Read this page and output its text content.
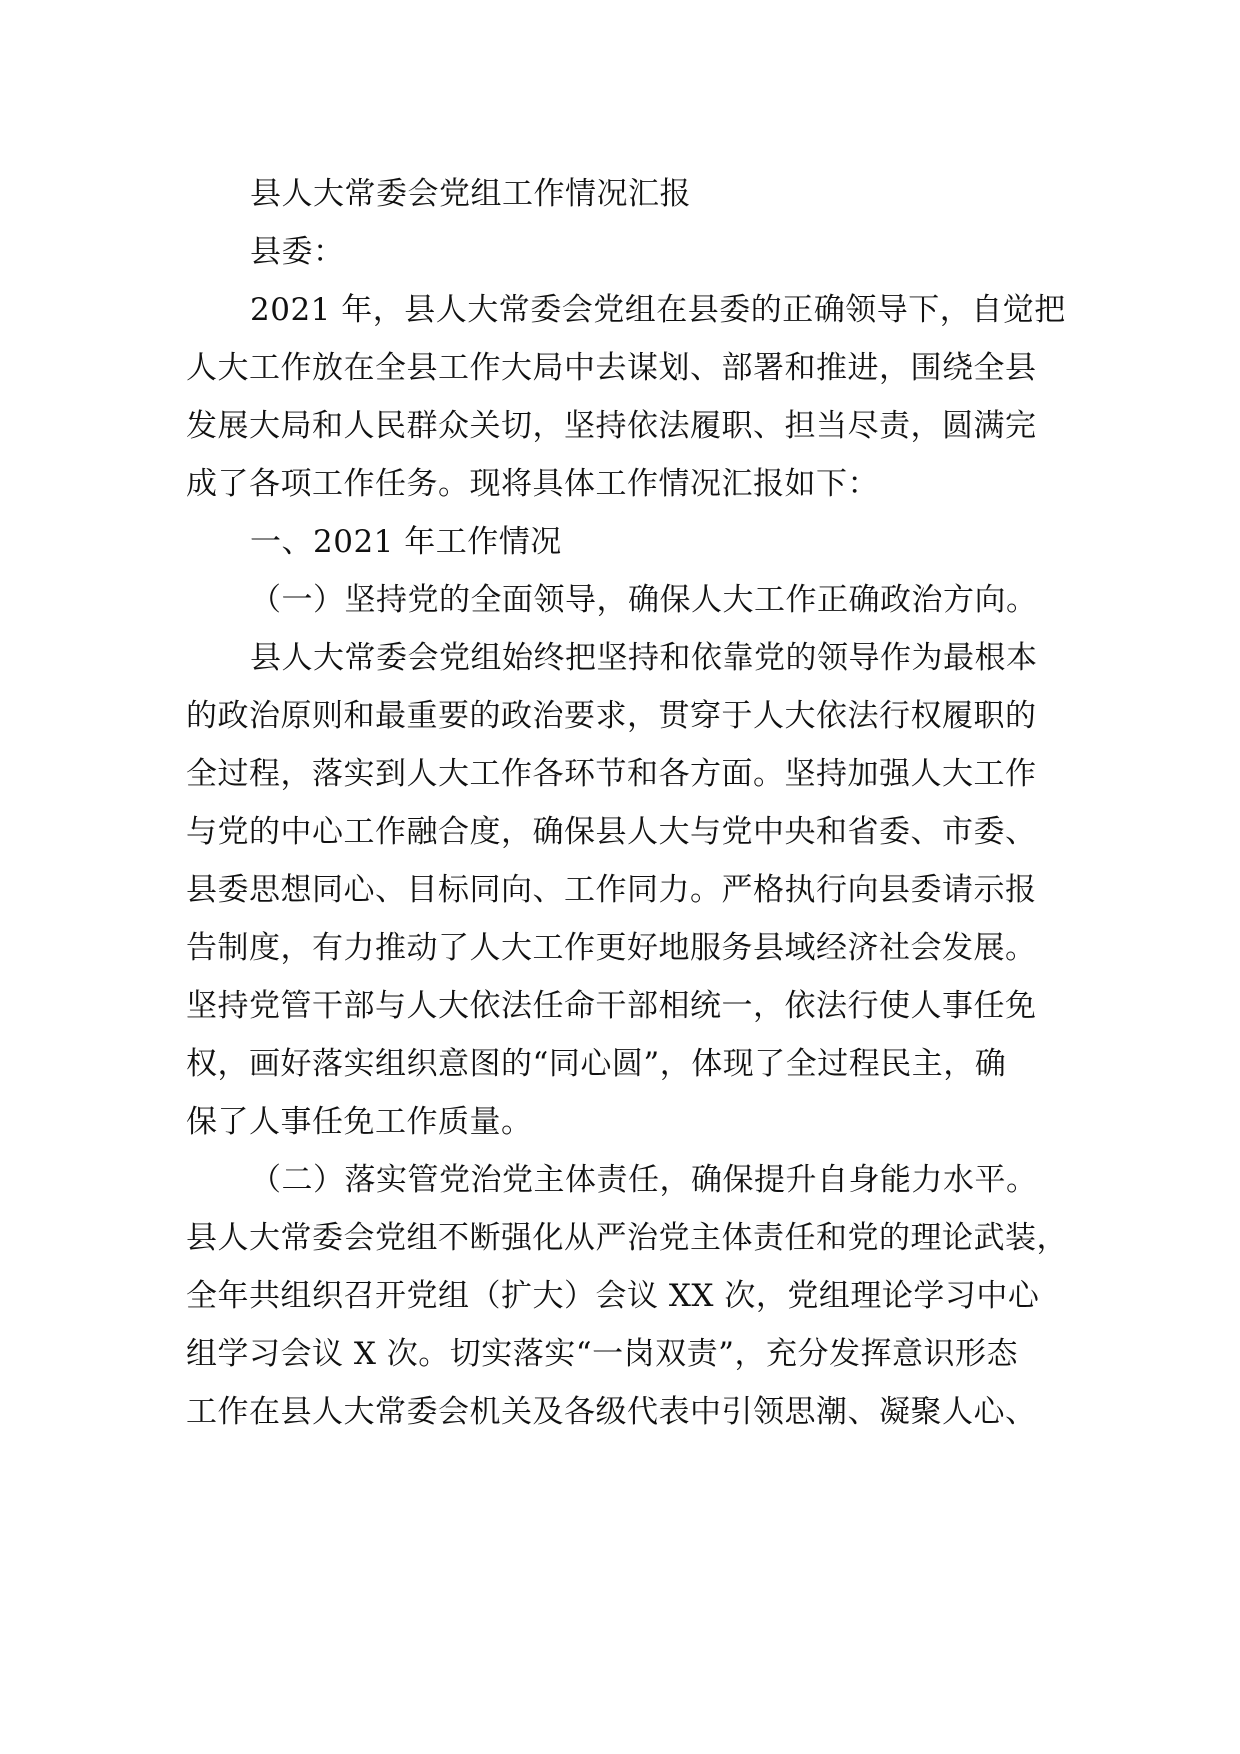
县人大常委会党组工作情况汇报
县委：
2021 年，县人大常委会党组在县委的正确领导下，自觉把
人大工作放在全县工作大局中去谋划、部署和推进，围绕全县
发展大局和人民群众关切，坚持依法履职、担当尽责，圆满完
成了各项工作任务。现将具体工作情况汇报如下：
一、2021 年工作情况
（一）坚持党的全面领导，确保人大工作正确政治方向。
县人大常委会党组始终把坚持和依靠党的领导作为最根本
的政治原则和最重要的政治要求，贯穿于人大依法行权履职的
全过程，落实到人大工作各环节和各方面。坚持加强人大工作
与党的中心工作融合度，确保县人大与党中央和省委、市委、
县委思想同心、目标同向、工作同力。严格执行向县委请示报
告制度，有力推动了人大工作更好地服务县域经济社会发展。
坚持党管干部与人大依法任命干部相统一，依法行使人事任免
权，画好落实组织意图的“同心圆”，体现了全过程民主，确
保了人事任免工作质量。
（二）落实管党治党主体责任，确保提升自身能力水平。
县人大常委会党组不断强化从严治党主体责任和党的理论武装，
全年共组织召开党组（扩大）会议 XX 次，党组理论学习中心
组学习会议 X 次。切实落实“一岗双责”，充分发挥意识形态
工作在县人大常委会机关及各级代表中引领思潮、凝聚人心、
